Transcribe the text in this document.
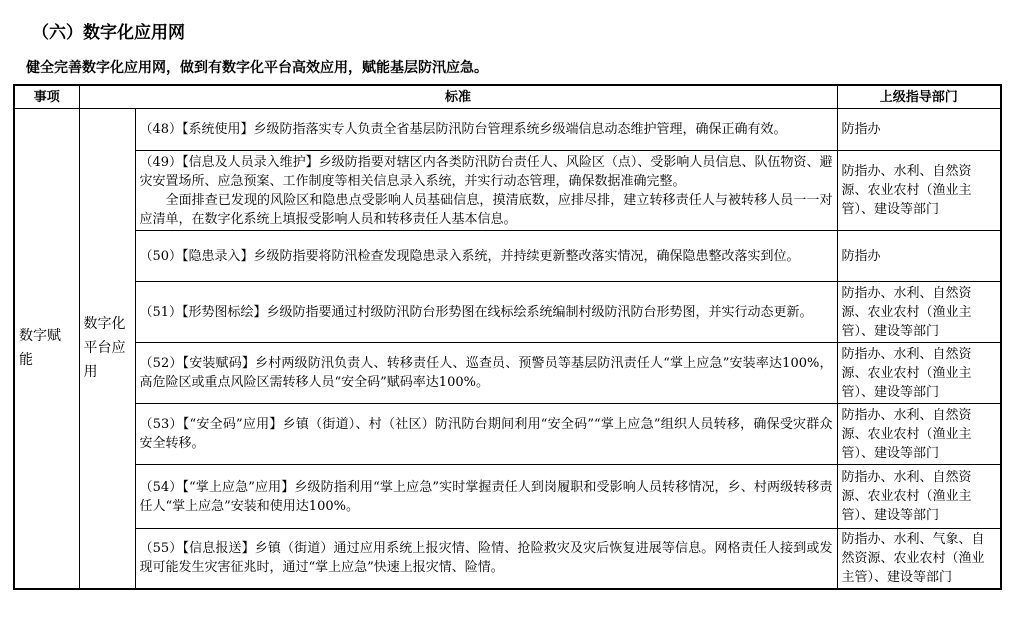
（六）数字化应用网
健全完善数字化应用网，做到有数字化平台高效应用，赋能基层防汛应急。
事项	标准		上级指导部门
数字赋能	数字化平台应用	（48）【系统使用】乡级防指落实专人负责全省基层防汛防台管理系统乡级端信息动态维护管理，确保正确有效。	防指办
		（49）【信息及人员录入维护】乡级防指要对辖区内各类防汛防台责任人、风险区（点）、受影响人员信息、队伍物资、避灾安置场所、应急预案、工作制度等相关信息录入系统，并实行动态管理，确保数据准确完整。
全面排查已发现的风险区和隐患点受影响人员基础信息，摸清底数，应排尽排，建立转移责任人与被转移人员一一对应清单，在数字化系统上填报受影响人员和转移责任人基本信息。	防指办、水利、自然资源、农业农村（渔业主管）、建设等部门
		（50）【隐患录入】乡级防指要将防汛检查发现隐患录入系统，并持续更新整改落实情况，确保隐患整改落实到位。	防指办
		（51）【形势图标绘】乡级防指要通过村级防汛防台形势图在线标绘系统编制村级防汛防台形势图，并实行动态更新。	防指办、水利、自然资源、农业农村（渔业主管）、建设等部门
		（52）【安装赋码】乡村两级防汛负责人、转移责任人、巡查员、预警员等基层防汛责任人“掌上应急”安装率达100%，高危险区或重点风险区需转移人员“安全码”赋码率达100%。	防指办、水利、自然资源、农业农村（渔业主管）、建设等部门
		（53）【“安全码”应用】乡镇（街道）、村（社区）防汛防台期间利用“安全码”“掌上应急”组织人员转移，确保受灾群众安全转移。	防指办、水利、自然资源、农业农村（渔业主管）、建设等部门
		（54）【“掌上应急”应用】乡级防指利用“掌上应急”实时掌握责任人到岗履职和受影响人员转移情况，乡、村两级转移责任人“掌上应急”安装和使用达100%。	防指办、水利、自然资源、农业农村（渔业主管）、建设等部门
		（55）【信息报送】乡镇（街道）通过应用系统上报灾情、险情、抢险救灾及灾后恢复进展等信息。网格责任人接到或发现可能发生灾害征兆时，通过“掌上应急”快速上报灾情、险情。	防指办、水利、气象、自然资源、农业农村（渔业主管）、建设等部门
